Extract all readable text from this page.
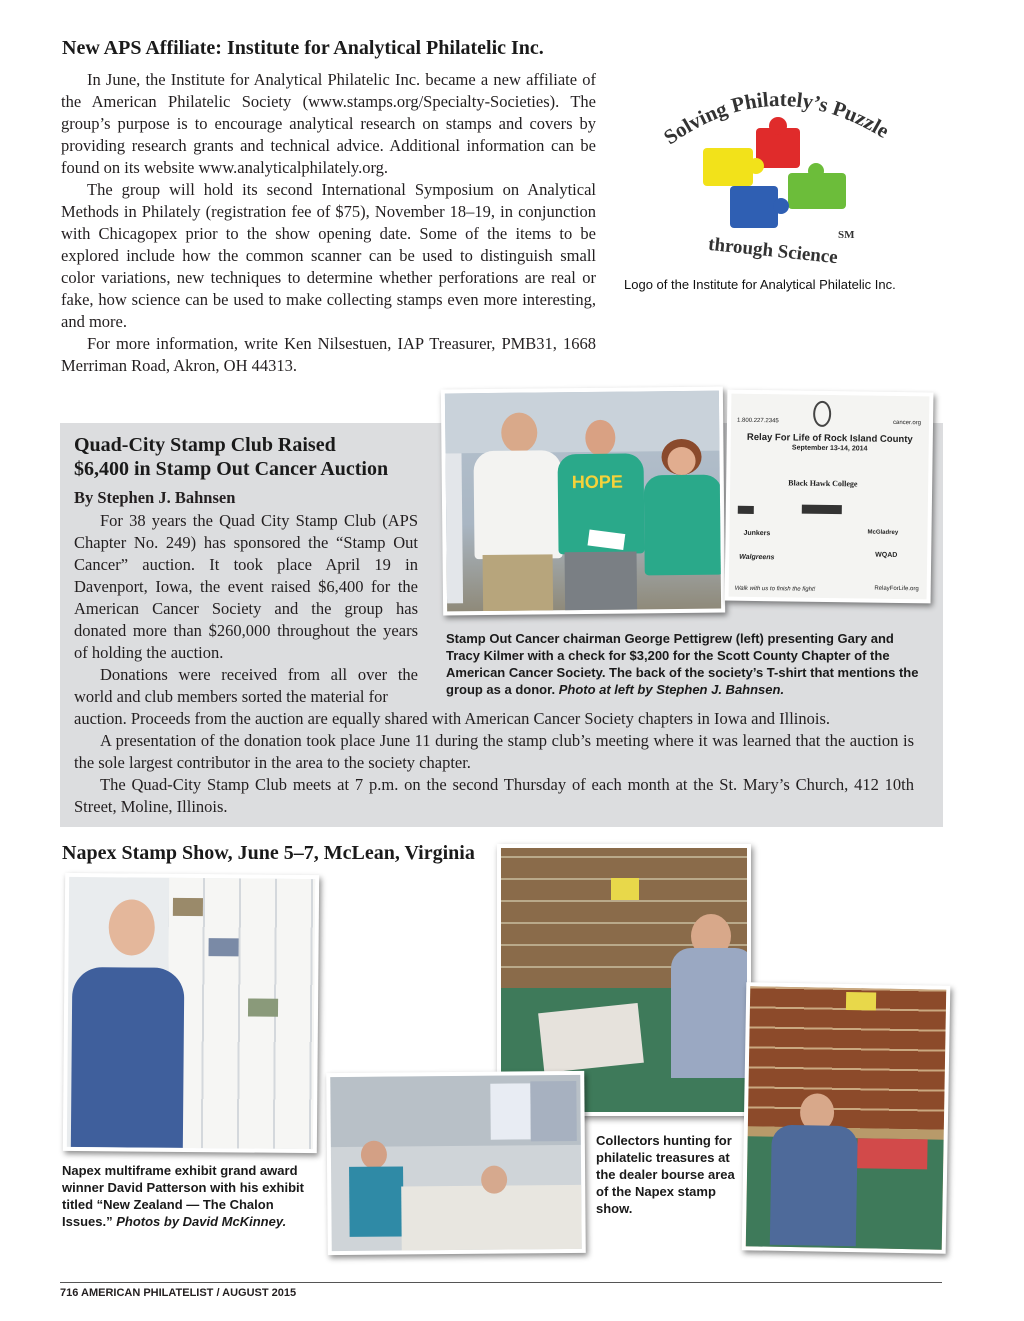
New APS Affiliate: Institute for Analytical Philatelic Inc.

In June, the Institute for Analytical Philatelic Inc. became a new affiliate of the American Philatelic Society (www.stamps.org/Specialty-Societies). The group’s purpose is to encourage analytical research on stamps and covers by providing research grants and technical advice. Additional information can be found on its website www.analyticalphilately.org.

The group will hold its second International Symposium on Analytical Methods in Philately (registration fee of $75), November 18–19, in conjunction with Chicagopex prior to the show opening date. Some of the items to be explored include how the common scanner can be used to distinguish small color variations, new techniques to determine whether perforations are real or fake, how science can be used to make collecting stamps even more interesting, and more.

For more information, write Ken Nilsestuen, IAP Treasurer, PMB31, 1668 Merriman Road, Akron, OH 44313.

Solving Philately’s Puzzle
through Science SM
Logo of the Institute for Analytical Philatelic Inc.
Quad-City Stamp Club Raised
$6,400 in Stamp Out Cancer Auction
By Stephen J. Bahnsen

For 38 years the Quad City Stamp Club (APS Chapter No. 249) has sponsored the “Stamp Out Cancer” auction. It took place April 19 in Davenport, Iowa, the event raised $6,400 for the American Cancer Society and the group has donated more than $260,000 throughout the years of holding the auction.

Donations were received from all over the world and club members sorted the material for

auction. Proceeds from the auction are equally shared with American Cancer Society chapters in Iowa and Illinois.

A presentation of the donation took place June 11 during the stamp club’s meeting where it was learned that the auction is the sole largest contributor in the area to the society chapter.

The Quad-City Stamp Club meets at 7 p.m. on the second Thursday of each month at the St. Mary’s Church, 412 10th Street, Moline, Illinois.

HOPE
1.800.227.2345	cancer.org
Relay For Life of Rock Island County
September 13-14, 2014
Black Hawk College
Junkers	McGladrey
Walgreens	WQAD
Walk with us to finish the fight!	RelayForLife.org
Stamp Out Cancer chairman George Pettigrew (left) presenting Gary and Tracy Kilmer with a check for $3,200 for the Scott County Chapter of the American Cancer Society. The back of the society’s T-shirt that mentions the group as a donor. Photo at left by Stephen J. Bahnsen.
Napex Stamp Show, June 5–7, McLean, Virginia
Napex multiframe exhibit grand award winner David Patterson with his exhibit titled “New Zealand — The Chalon Issues.” Photos by David McKinney.
Collectors hunting for philatelic treasures at the dealer bourse area of the Napex stamp show.
716 AMERICAN PHILATELIST / AUGUST 2015
